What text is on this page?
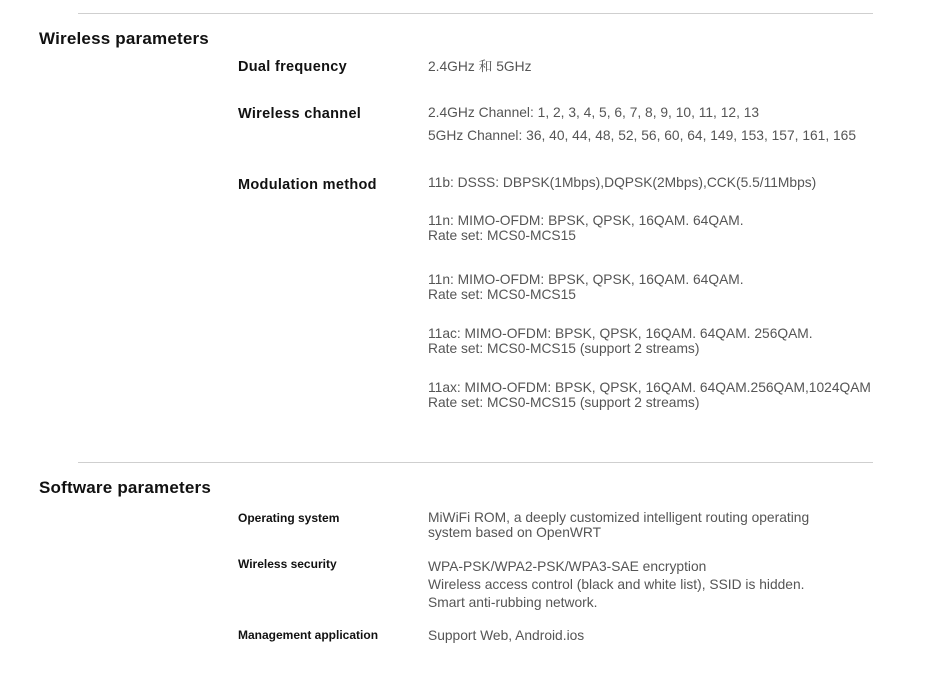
Wireless parameters
Dual frequency	2.4GHz 和 5GHz
Wireless channel	2.4GHz Channel: 1, 2, 3, 4, 5, 6, 7, 8, 9, 10, 11, 12, 13
5GHz Channel: 36, 40, 44, 48, 52, 56, 60, 64, 149, 153, 157, 161, 165
Modulation method	11b: DSSS: DBPSK(1Mbps),DQPSK(2Mbps),CCK(5.5/11Mbps)
11n: MIMO-OFDM: BPSK, QPSK, 16QAM. 64QAM.
Rate set: MCS0-MCS15
11n: MIMO-OFDM: BPSK, QPSK, 16QAM. 64QAM.
Rate set: MCS0-MCS15
11ac: MIMO-OFDM: BPSK, QPSK, 16QAM. 64QAM. 256QAM.
Rate set: MCS0-MCS15 (support 2 streams)
11ax: MIMO-OFDM: BPSK, QPSK, 16QAM. 64QAM.256QAM,1024QAM
Rate set: MCS0-MCS15 (support 2 streams)
Software parameters
Operating system	MiWiFi ROM, a deeply customized intelligent routing operating
system based on OpenWRT
Wireless security	WPA-PSK/WPA2-PSK/WPA3-SAE encryption
Wireless access control (black and white list), SSID is hidden.
Smart anti-rubbing network.
Management application	Support Web, Android.ios
